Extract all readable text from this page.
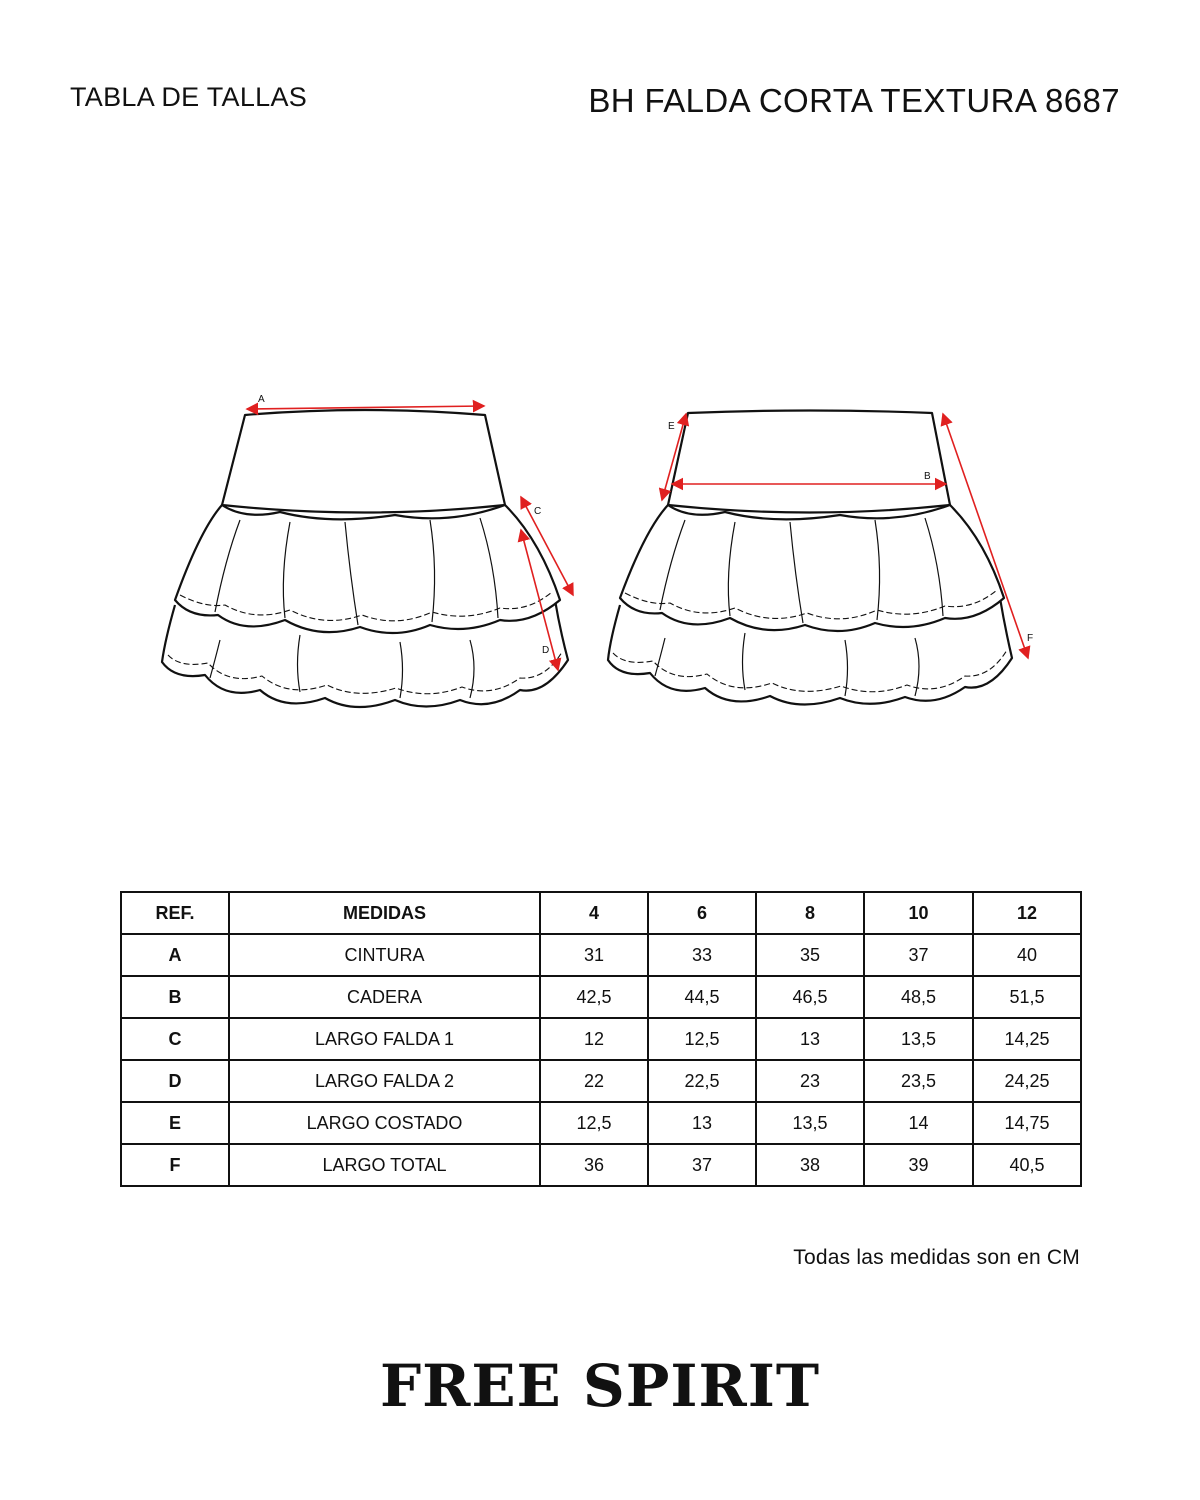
TABLA DE TALLAS	BH FALDA CORTA TEXTURA 8687
A
C
D
E
B
F
REF.	MEDIDAS	4	6	8	10	12
A	CINTURA	31	33	35	37	40
B	CADERA	42,5	44,5	46,5	48,5	51,5
C	LARGO FALDA 1	12	12,5	13	13,5	14,25
D	LARGO FALDA 2	22	22,5	23	23,5	24,25
E	LARGO COSTADO	12,5	13	13,5	14	14,75
F	LARGO TOTAL	36	37	38	39	40,5
Todas las medidas son en CM
FREE SPIRIT
